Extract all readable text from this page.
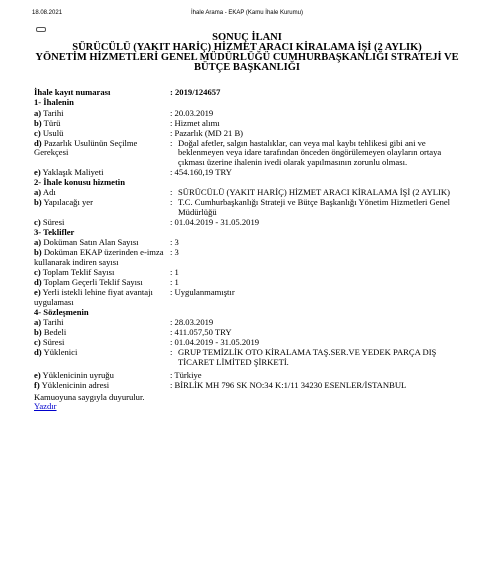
18.08.2021	İhale Arama - EKAP (Kamu İhale Kurumu)
SONUÇ İLANI
SÜRÜCÜLÜ (YAKIT HARİÇ) HİZMET ARACI KİRALAMA İŞİ (2 AYLIK)
YÖNETİM HİZMETLERİ GENEL MÜDÜRLÜĞÜ CUMHURBAŞKANLIĞI STRATEJİ VE
BÜTÇE BAŞKANLIĞI
İhale kayıt numarası	: 2019/124657
1- İhalenin
a) Tarihi	: 20.03.2019
b) Türü	: Hizmet alımı
c) Usulü	: Pazarlık (MD 21 B)
d) Pazarlık Usulünün Seçilme Gerekçesi
: Doğal afetler, salgın hastalıklar, can veya mal kaybı tehlikesi gibi ani ve beklenmeyen veya idare tarafından önceden öngörülemeyen olayların ortaya çıkması üzerine ihalenin ivedi olarak yapılmasının zorunlu olması.
e) Yaklaşık Maliyeti	: 454.160,19 TRY
2- İhale konusu hizmetin
a) Adı	: SÜRÜCÜLÜ (YAKIT HARİÇ) HİZMET ARACI KİRALAMA İŞİ (2 AYLIK)
b) Yapılacağı yer	: T.C. Cumhurbaşkanlığı Strateji ve Bütçe Başkanlığı Yönetim Hizmetleri Genel Müdürlüğü
c) Süresi	: 01.04.2019 - 31.05.2019
3- Teklifler
a) Doküman Satın Alan Sayısı	: 3
b) Doküman EKAP üzerinden e-imza kullanarak indiren sayısı
: 3
c) Toplam Teklif Sayısı	: 1
d) Toplam Geçerli Teklif Sayısı	: 1
e) Yerli istekli lehine fiyat avantajı uygulaması
: Uygulanmamıştır
4- Sözleşmenin
a) Tarihi	: 28.03.2019
b) Bedeli	: 411.057,50 TRY
c) Süresi	: 01.04.2019 - 31.05.2019
d) Yüklenici	: GRUP TEMİZLİK OTO KİRALAMA TAŞ.SER.VE YEDEK PARÇA DIŞ TİCARET LİMİTED ŞİRKETİ.
e) Yüklenicinin uyruğu	: Türkiye
f) Yüklenicinin adresi	: BİRLİK MH 796 SK NO:34 K:1/11 34230 ESENLER/İSTANBUL
Kamuoyuna saygıyla duyurulur.
Yazdır
